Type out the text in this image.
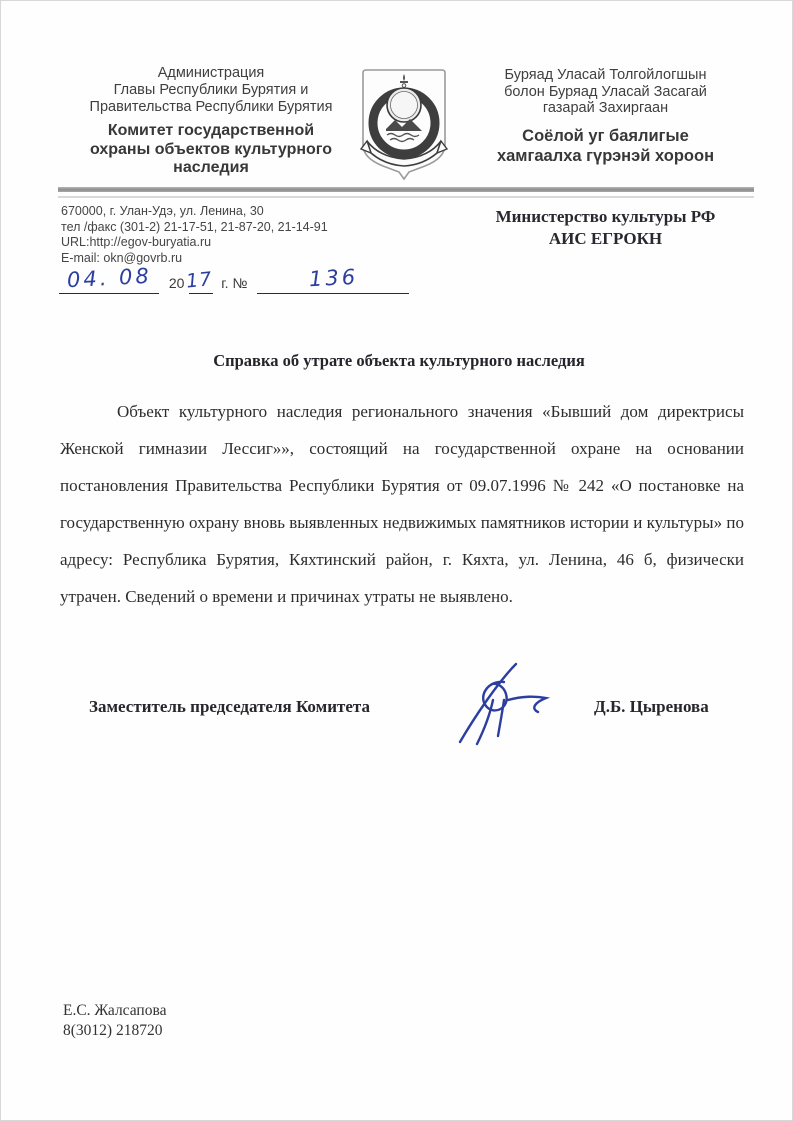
Администрация
Главы Республики Бурятия и
Правительства Республики Бурятия
Комитет государственной
охраны объектов культурного
наследия
Буряад Уласай Толгойлогшын
болон Буряад Уласай Засагай
газарай Захиргаан
Соёлой уг баялигые
хамгаалха гүрэнэй хороон
670000, г. Улан-Удэ, ул. Ленина, 30
тел /факс (301-2) 21-17-51, 21-87-20, 21-14-91
URL:http://egov-buryatia.ru
E-mail: okn@govrb.ru
04. 08 20 17 г. №	136
Министерство культуры РФ
АИС ЕГРОКН
Справка об утрате объекта культурного наследия
Объект культурного наследия регионального значения «Бывший дом директрисы Женской гимназии Лессиг»», состоящий на государственной охране на основании постановления Правительства Республики Бурятия от 09.07.1996 № 242 «О постановке на государственную охрану вновь выявленных недвижимых памятников истории и культуры» по адресу: Республика Бурятия, Кяхтинский район, г. Кяхта, ул. Ленина, 46 б, физически утрачен. Сведений о времени и причинах утраты не выявлено.
Заместитель председателя Комитета	Д.Б. Цыренова
Е.С. Жалсапова
8(3012) 218720
